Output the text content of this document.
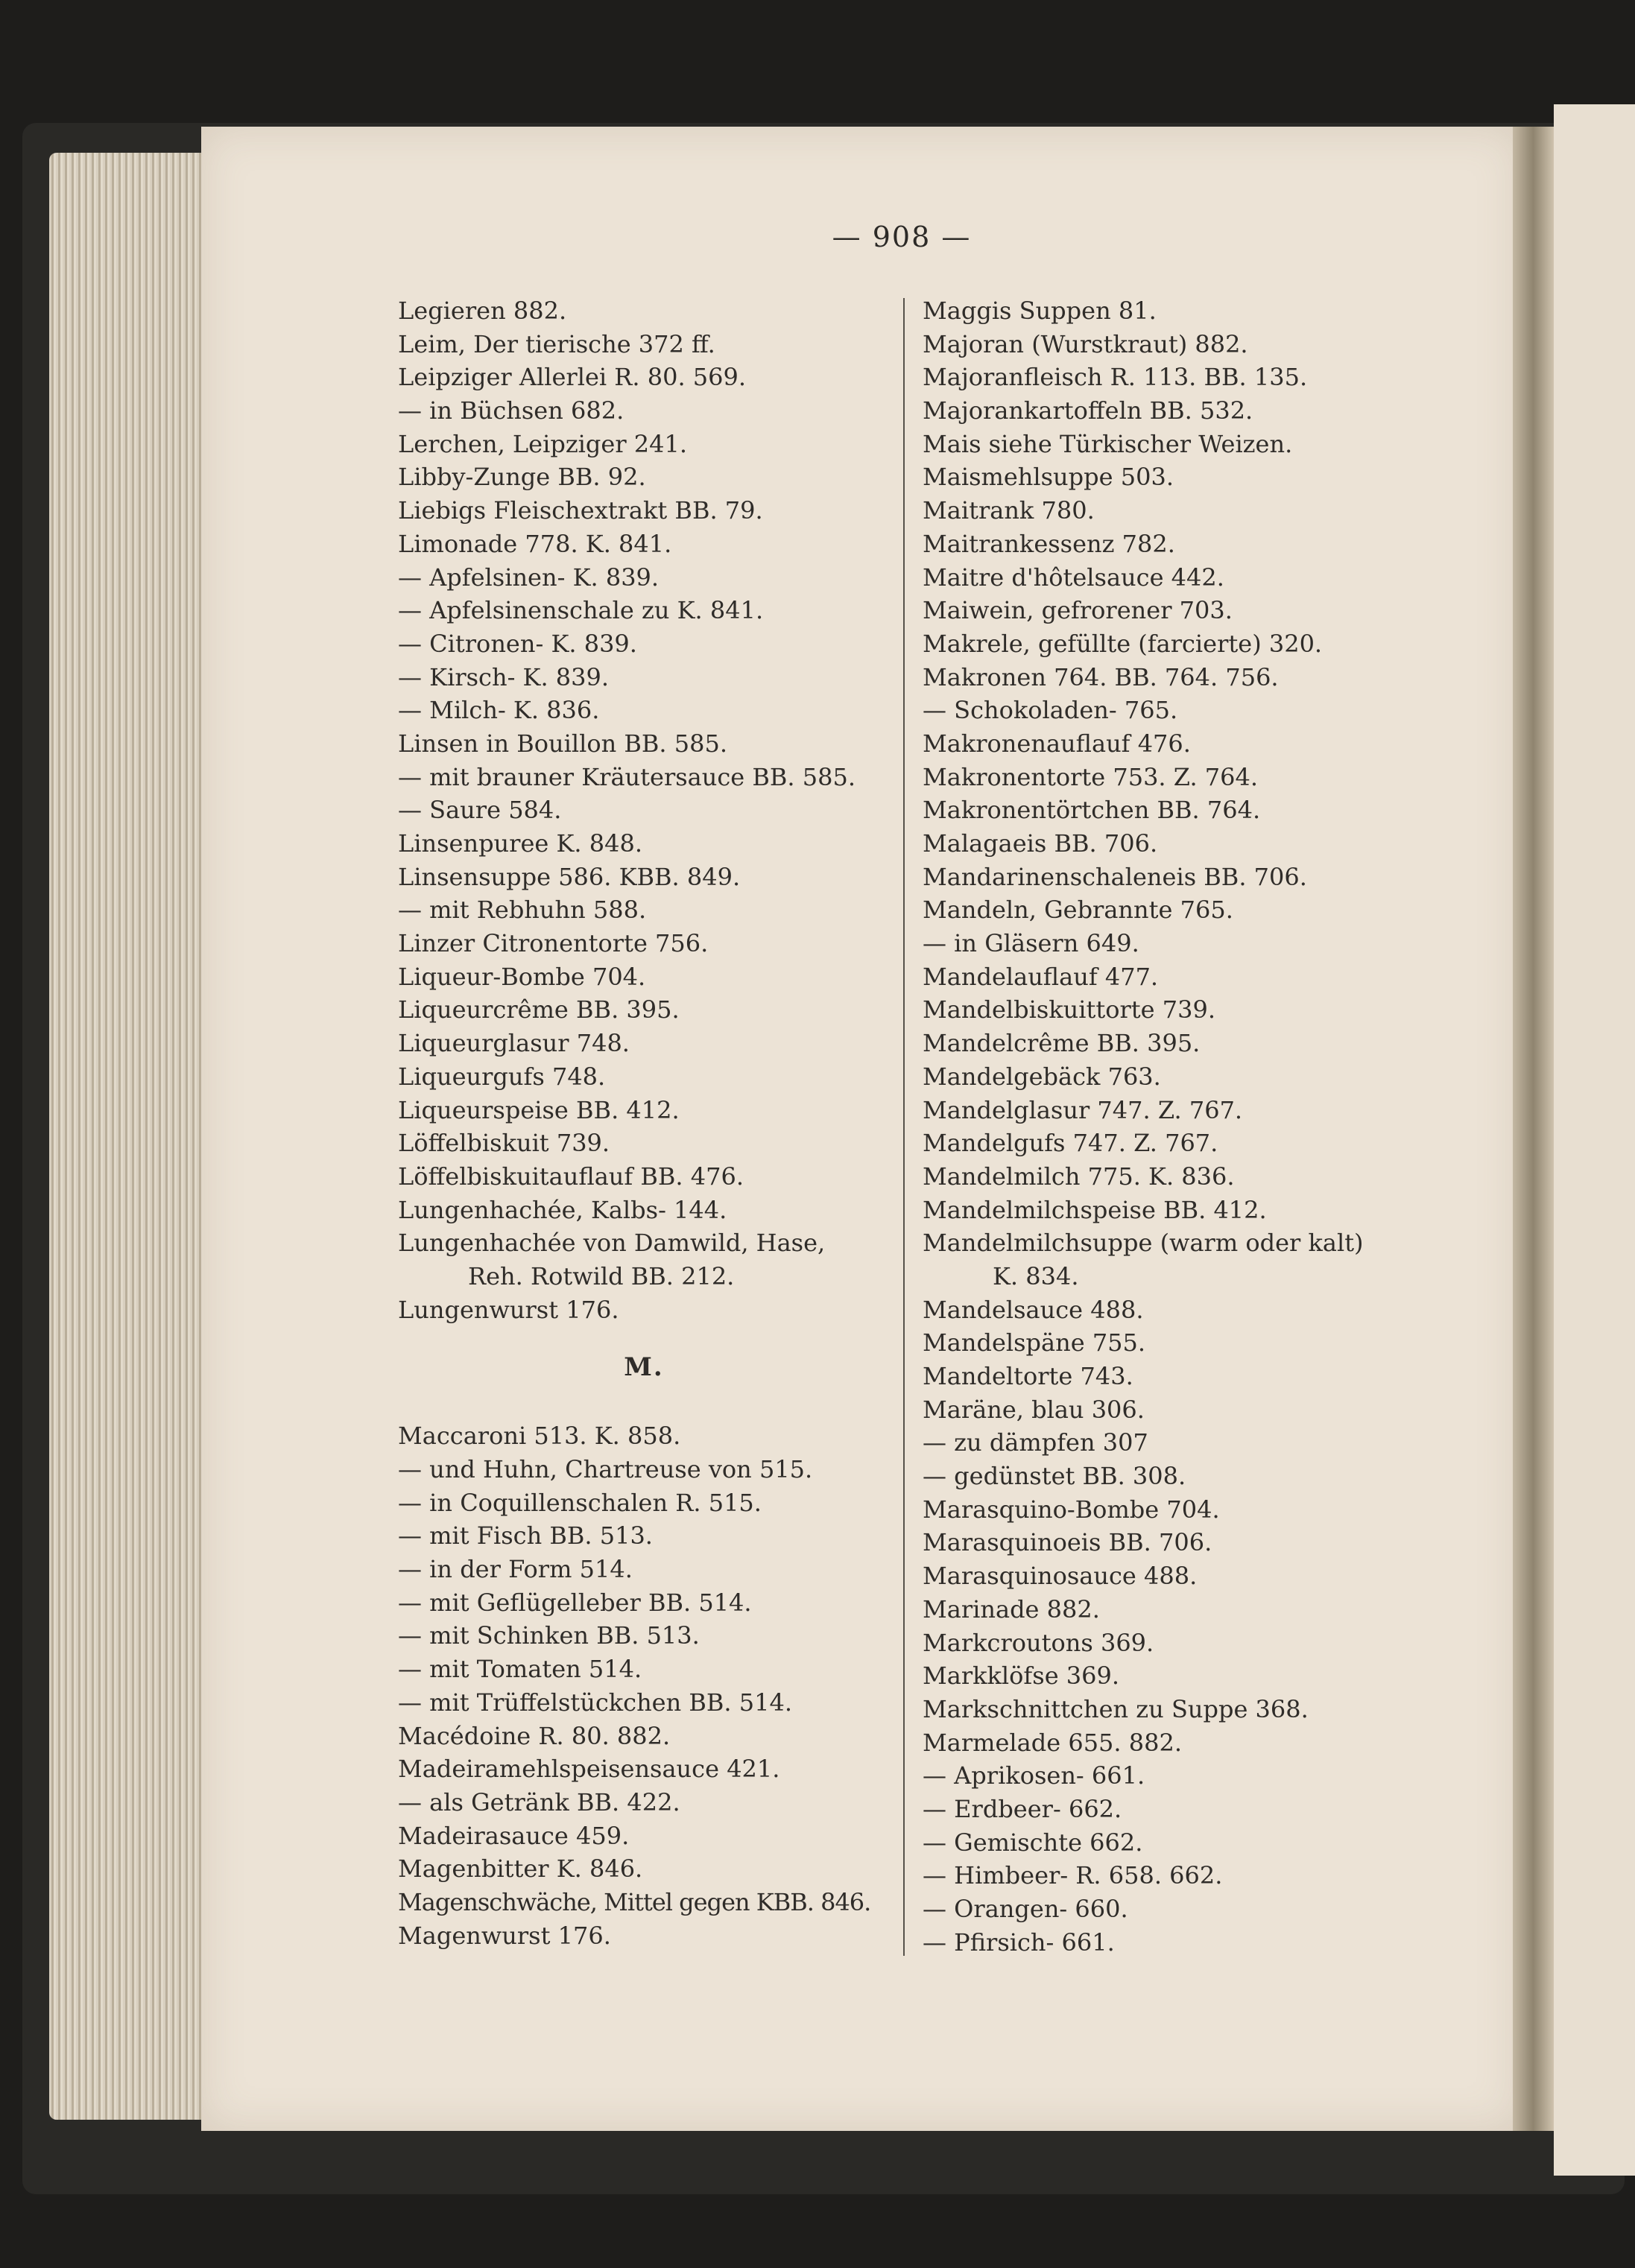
— 908 —
Legieren 882.
Leim, Der tierische 372 ff.
Leipziger Allerlei R. 80. 569.
— in Büchsen 682.
Lerchen, Leipziger 241.
Libby-Zunge BB. 92.
Liebigs Fleischextrakt BB. 79.
Limonade 778. K. 841.
— Apfelsinen- K. 839.
— Apfelsinenschale zu K. 841.
— Citronen- K. 839.
— Kirsch- K. 839.
— Milch- K. 836.
Linsen in Bouillon BB. 585.
— mit brauner Kräutersauce BB. 585.
— Saure 584.
Linsenpuree K. 848.
Linsensuppe 586. KBB. 849.
— mit Rebhuhn 588.
Linzer Citronentorte 756.
Liqueur-Bombe 704.
Liqueurcrême BB. 395.
Liqueurglasur 748.
Liqueurgufs 748.
Liqueurspeise BB. 412.
Löffelbiskuit 739.
Löffelbiskuitauflauf BB. 476.
Lungenhachée, Kalbs- 144.
Lungenhachée von Damwild, Hase,
Reh. Rotwild BB. 212.
Lungenwurst 176.
M.
Maccaroni 513. K. 858.
— und Huhn, Chartreuse von 515.
— in Coquillenschalen R. 515.
— mit Fisch BB. 513.
— in der Form 514.
— mit Geflügelleber BB. 514.
— mit Schinken BB. 513.
— mit Tomaten 514.
— mit Trüffelstückchen BB. 514.
Macédoine R. 80. 882.
Madeiramehlspeisensauce 421.
— als Getränk BB. 422.
Madeirasauce 459.
Magenbitter K. 846.
Magenschwäche, Mittel gegen KBB. 846.
Magenwurst 176.
Maggis Suppen 81.
Majoran (Wurstkraut) 882.
Majoranfleisch R. 113. BB. 135.
Majorankartoffeln BB. 532.
Mais siehe Türkischer Weizen.
Maismehlsuppe 503.
Maitrank 780.
Maitrankessenz 782.
Maitre d'hôtelsauce 442.
Maiwein, gefrorener 703.
Makrele, gefüllte (farcierte) 320.
Makronen 764. BB. 764. 756.
— Schokoladen- 765.
Makronenauflauf 476.
Makronentorte 753. Z. 764.
Makronentörtchen BB. 764.
Malagaeis BB. 706.
Mandarinenschaleneis BB. 706.
Mandeln, Gebrannte 765.
— in Gläsern 649.
Mandelauflauf 477.
Mandelbiskuittorte 739.
Mandelcrême BB. 395.
Mandelgebäck 763.
Mandelglasur 747. Z. 767.
Mandelgufs 747. Z. 767.
Mandelmilch 775. K. 836.
Mandelmilchspeise BB. 412.
Mandelmilchsuppe (warm oder kalt)
K. 834.
Mandelsauce 488.
Mandelspäne 755.
Mandeltorte 743.
Maräne, blau 306.
— zu dämpfen 307
— gedünstet BB. 308.
Marasquino-Bombe 704.
Marasquinoeis BB. 706.
Marasquinosauce 488.
Marinade 882.
Markcroutons 369.
Markklöfse 369.
Markschnittchen zu Suppe 368.
Marmelade 655. 882.
— Aprikosen- 661.
— Erdbeer- 662.
— Gemischte 662.
— Himbeer- R. 658. 662.
— Orangen- 660.
— Pfirsich- 661.
